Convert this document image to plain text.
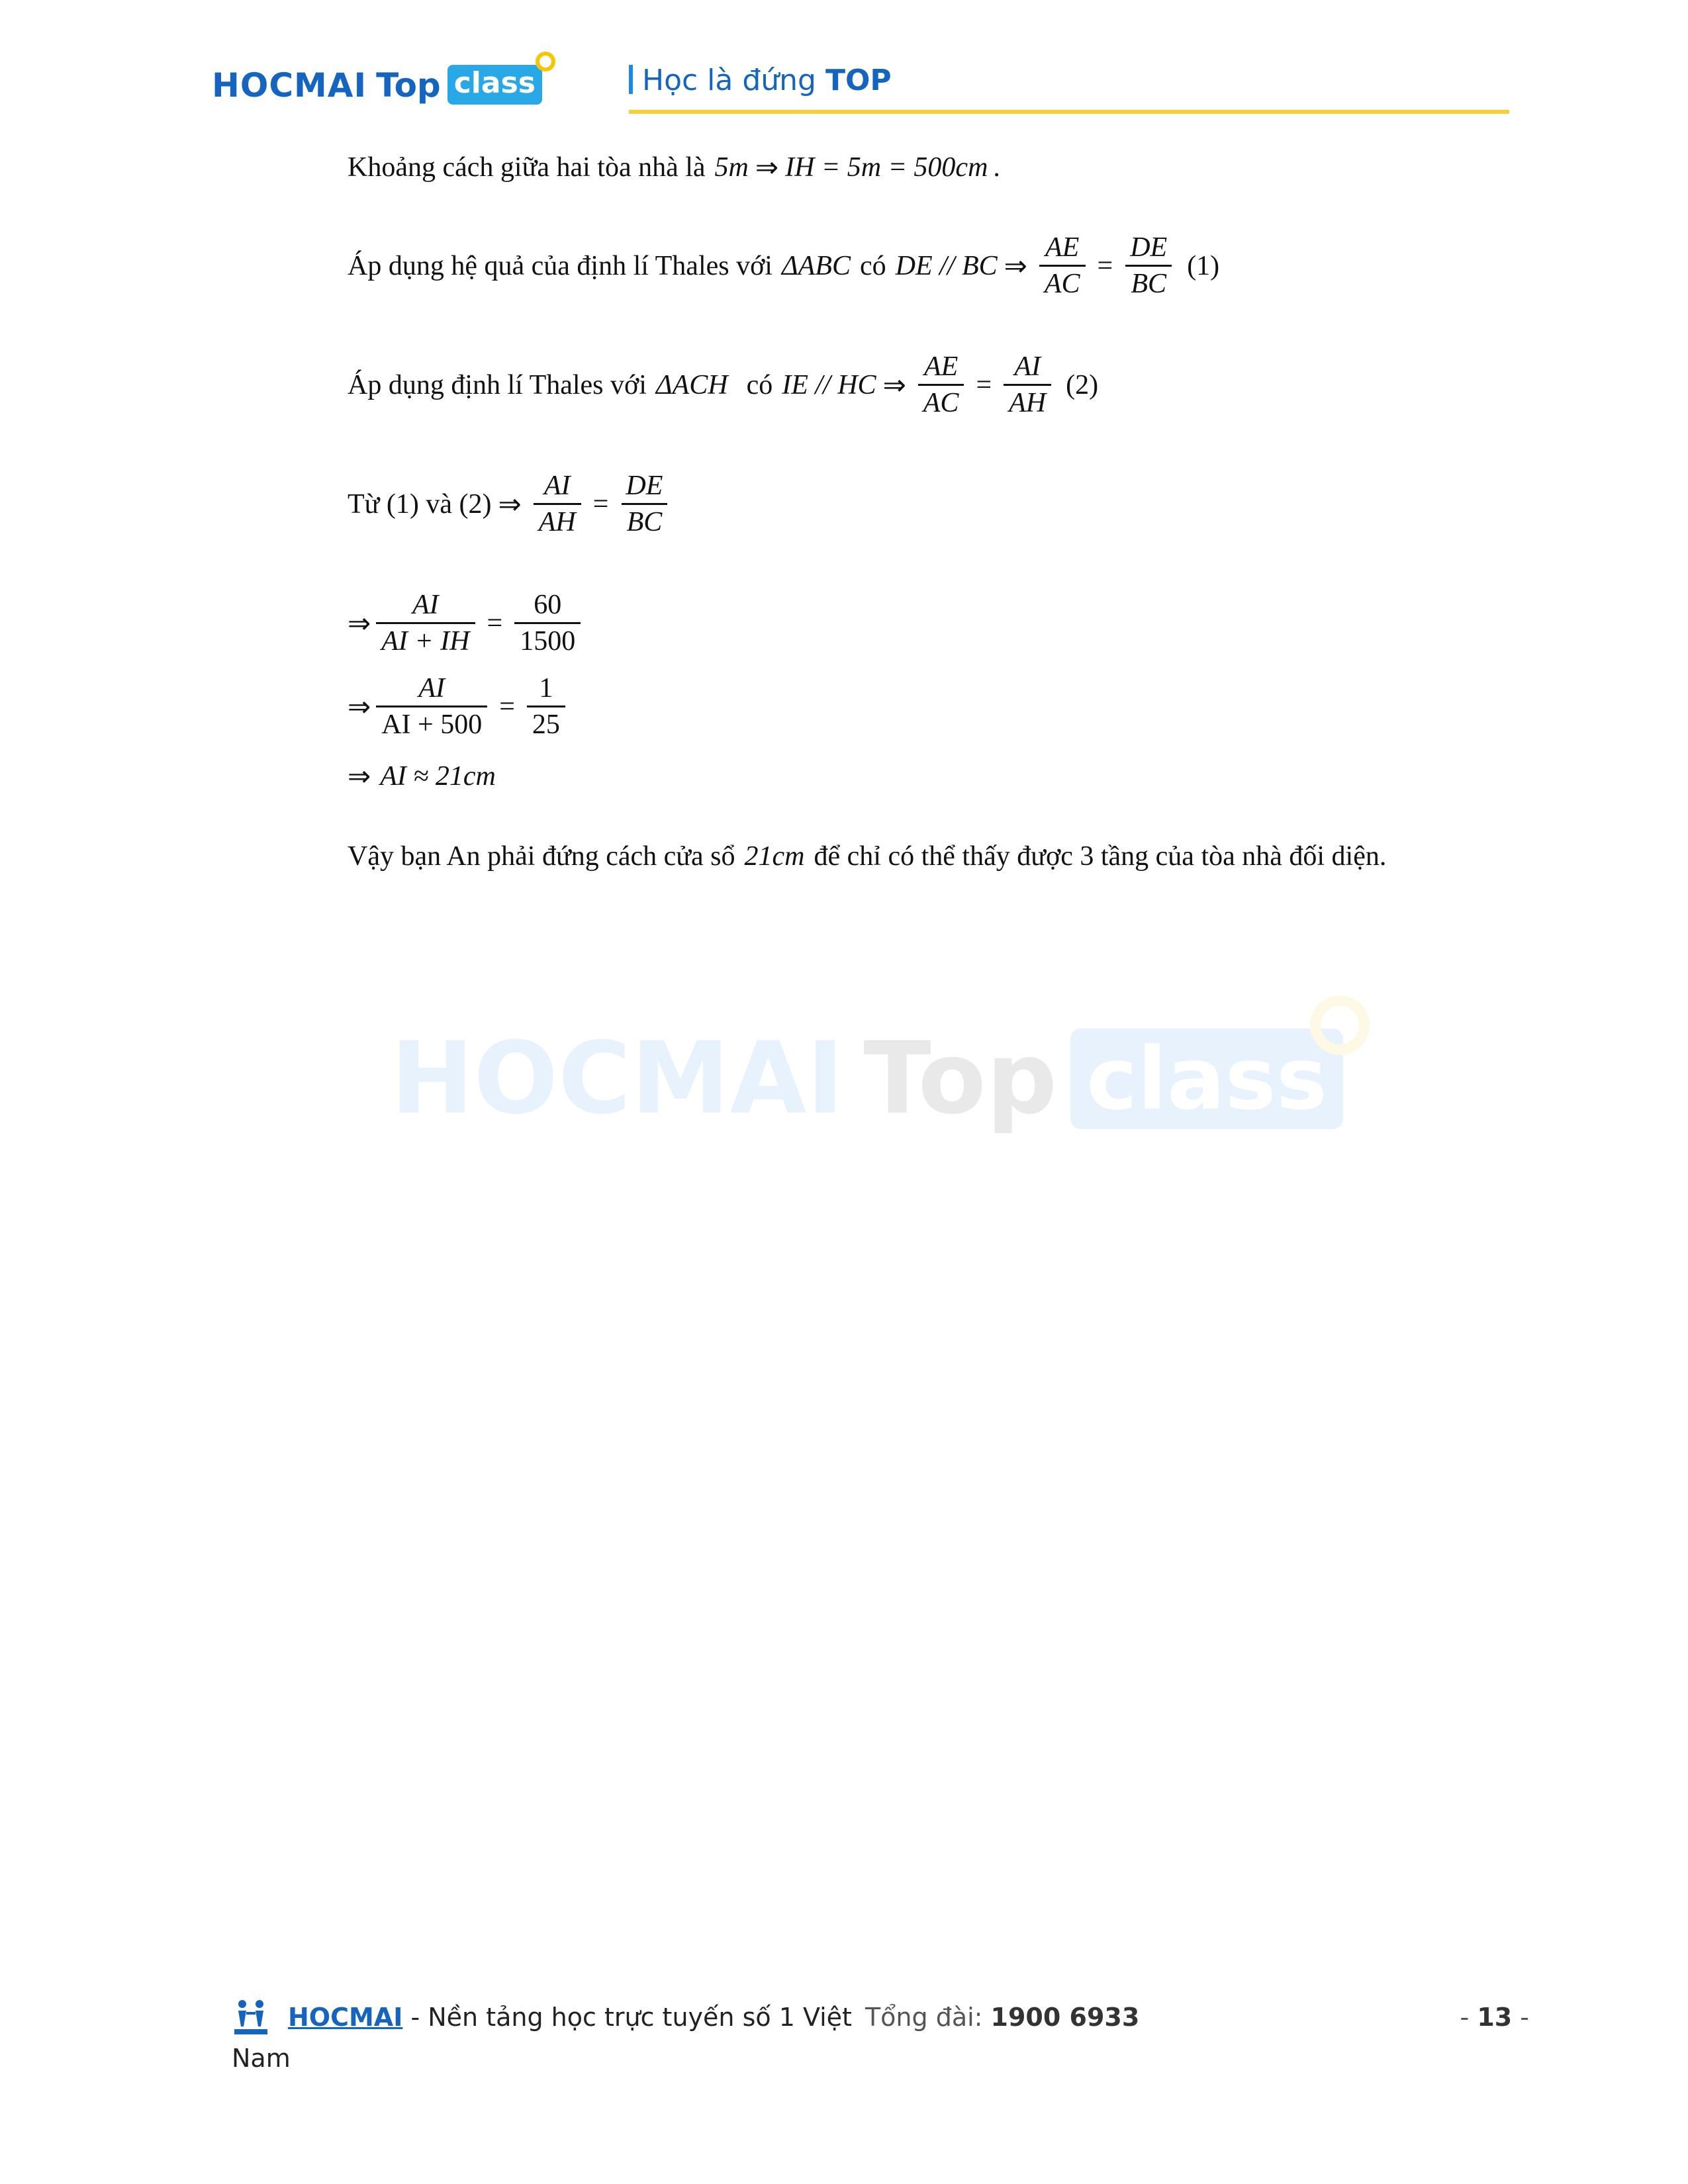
HOCMAI Top class	Học là đứng TOP
Khoảng cách giữa hai tòa nhà là 5m ⇒ IH = 5m = 500cm .
Áp dụng hệ quả của định lí Thales với ΔABC có DE // BC ⇒ $\frac{AE}{AC} = \frac{DE}{BC} (1)$
Áp dụng định lí Thales với ΔACH có IE // HC ⇒ $\frac{AE}{AC} = \frac{AI}{AH} (2)$
Từ (1) và (2) ⇒ $\frac{AI}{AH} = \frac{DE}{BC}$
⇒ $\frac{AI}{AI + IH} = \frac{60}{1500}$
⇒ $\frac{AI}{AI + 500} = \frac{1}{25}$
⇒ AI ≈ 21cm
Vậy bạn An phải đứng cách cửa sổ 21cm để chỉ có thể thấy được 3 tầng của tòa nhà đối diện.
HOCMAI Top class
HOCMAI - Nền tảng học trực tuyến số 1 Việt Tổng đài: 1900 6933
Nam
- 13 -
